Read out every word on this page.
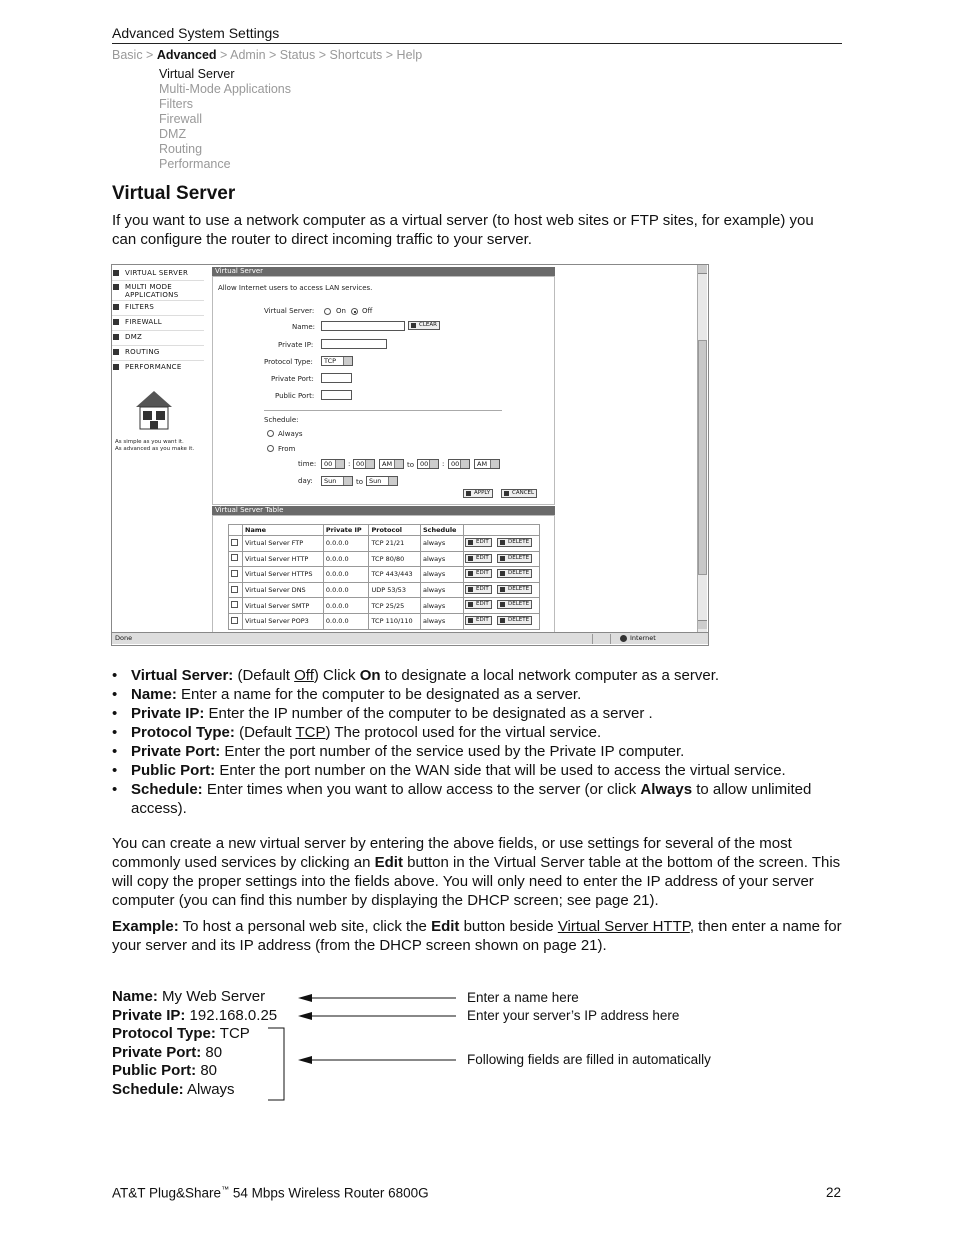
Advanced System Settings
Basic > Advanced > Admin > Status > Shortcuts > Help
Virtual Server
Multi-Mode Applications
Filters
Firewall
DMZ
Routing
Performance
Virtual Server
If you want to use a network computer as a virtual server (to host web sites or FTP sites, for example) you can configure the router to direct incoming traffic to your server.
VIRTUAL SERVER
MULTI MODE APPLICATIONS
FILTERS
FIREWALL
DMZ
ROUTING
PERFORMANCE
As simple as you want it.
As advanced as you make it.
Virtual Server
Allow Internet users to access LAN services.
Virtual Server:	On Off
Name:	CLEAR
Private IP:
Protocol Type:	TCP
Private Port:
Public Port:
Schedule:
Always
From
time:	00	: 00	AM	to 00	:	00	AM
day:	Sun	to Sun
APPLY	CANCEL
Virtual Server Table
	Name	Private IP	Protocol	Schedule	
	Virtual Server FTP	0.0.0.0	TCP 21/21	always	EDIT DELETE

	Virtual Server HTTP	0.0.0.0	TCP 80/80	always	EDIT DELETE

	Virtual Server HTTPS	0.0.0.0	TCP 443/443	always	EDIT DELETE

	Virtual Server DNS	0.0.0.0	UDP 53/53	always	EDIT DELETE

	Virtual Server SMTP	0.0.0.0	TCP 25/25	always	EDIT DELETE

	Virtual Server POP3	0.0.0.0	TCP 110/110	always	EDIT DELETE
Done	Internet
• Virtual Server: (Default Off) Click On to designate a local network computer as a server.
• Name: Enter a name for the computer to be designated as a server.
• Private IP: Enter the IP number of the computer to be designated as a server .
• Protocol Type: (Default TCP) The protocol used for the virtual service.
• Private Port: Enter the port number of the service used by the Private IP computer.
• Public Port: Enter the port number on the WAN side that will be used to access the virtual service.
• Schedule: Enter times when you want to allow access to the server (or click Always to allow unlimited access).
You can create a new virtual server by entering the above fields, or use settings for several of the most commonly used services by clicking an Edit button in the Virtual Server table at the bottom of the screen. This will copy the proper settings into the fields above. You will only need to enter the IP address of your server computer (you can find this number by displaying the DHCP screen; see page 21).
Example: To host a personal web site, click the Edit button beside Virtual Server HTTP, then enter a name for your server and its IP address (from the DHCP screen shown on page 21).
Name: My Web Server
Private IP: 192.168.0.25
Protocol Type: TCP
Private Port: 80
Public Port: 80
Schedule: Always
Enter a name here
Enter your server’s IP address here
Following fields are filled in automatically
AT&T Plug&Share™ 54 Mbps Wireless Router 6800G	22
